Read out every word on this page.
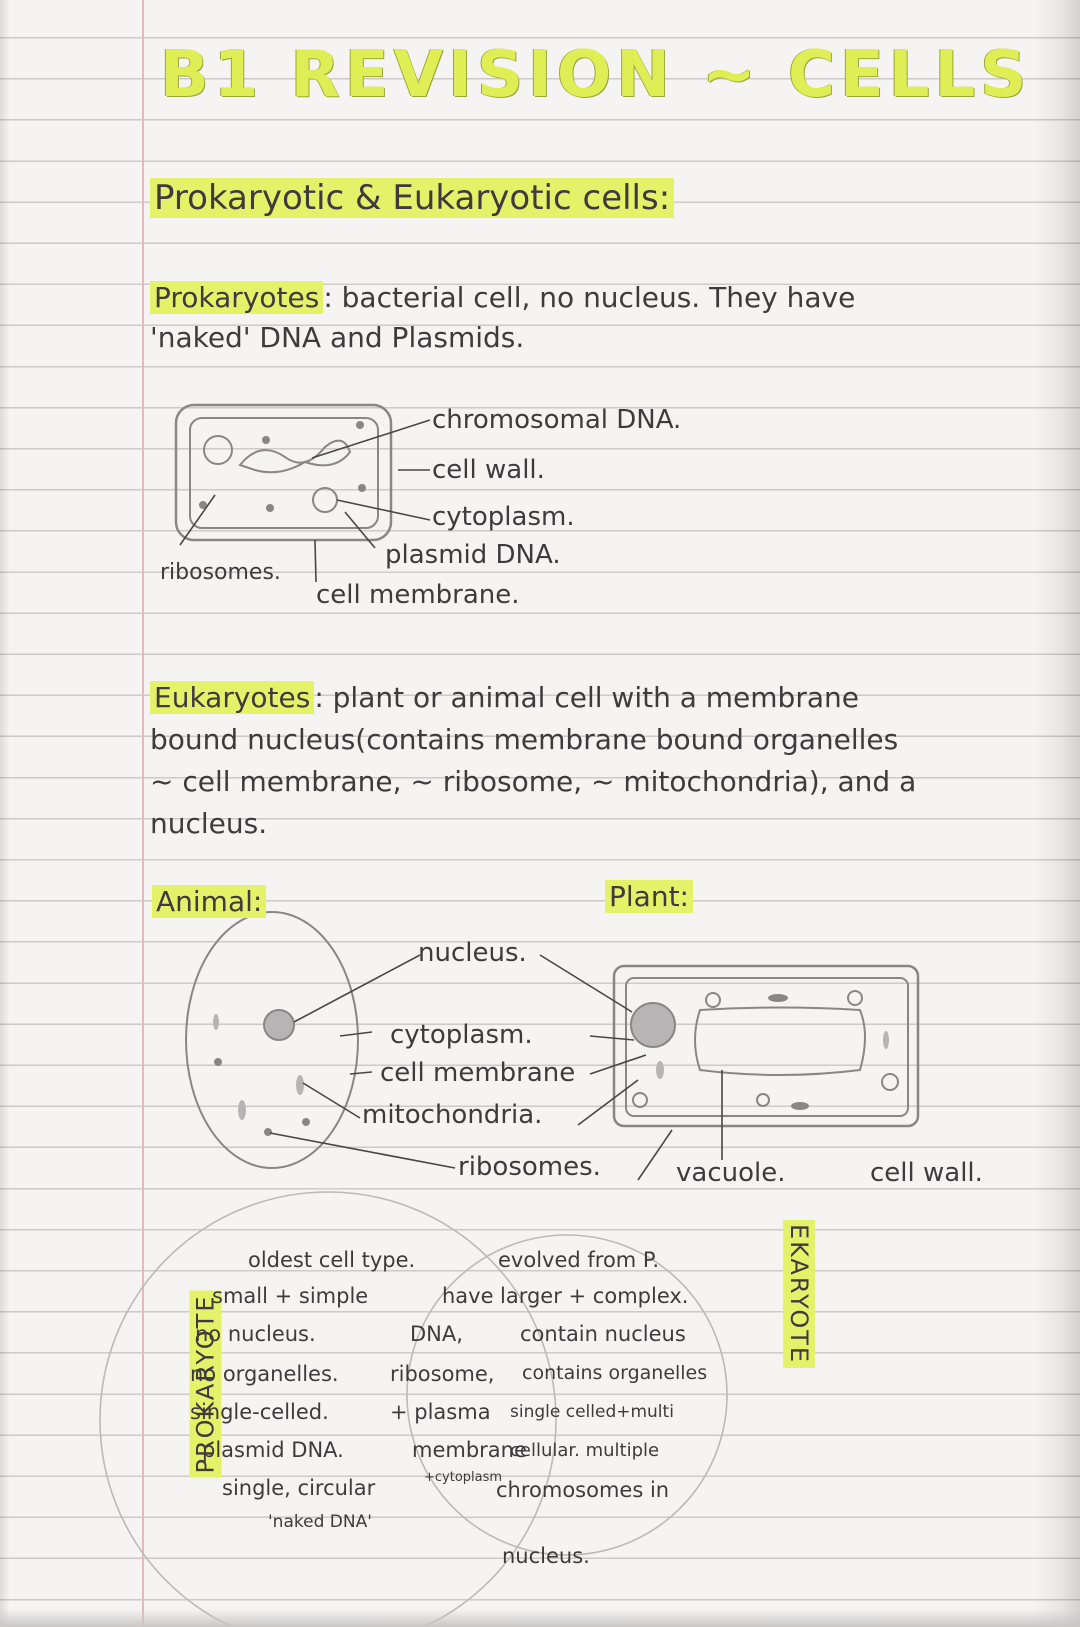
B1 REVISION ~ CELLS
Prokaryotic & Eukaryotic cells:
Prokaryotes : bacterial cell, no nucleus. They have
'naked' DNA and Plasmids.
chromosomal DNA.
cell wall.
cytoplasm.
plasmid DNA.
ribosomes.
cell membrane.
Eukaryotes : plant or animal cell with a membrane
bound nucleus(contains membrane bound organelles
~ cell membrane, ~ ribosome, ~ mitochondria), and a
nucleus.
Animal:	Plant:
nucleus.
cytoplasm.
cell membrane
mitochondria.
ribosomes.	vacuole.	cell wall.
PROKARYOTE
EKARYOTE
oldest cell type.
small + simple
no nucleus.
no organelles.
single-celled.
plasmid DNA.
single, circular
'naked DNA'
have
DNA,
ribosome,
+ plasma
membrane
+cytoplasm
evolved from P.
larger + complex.
contain nucleus
contains organelles
single celled+multi
cellular. multiple
chromosomes in
nucleus.
